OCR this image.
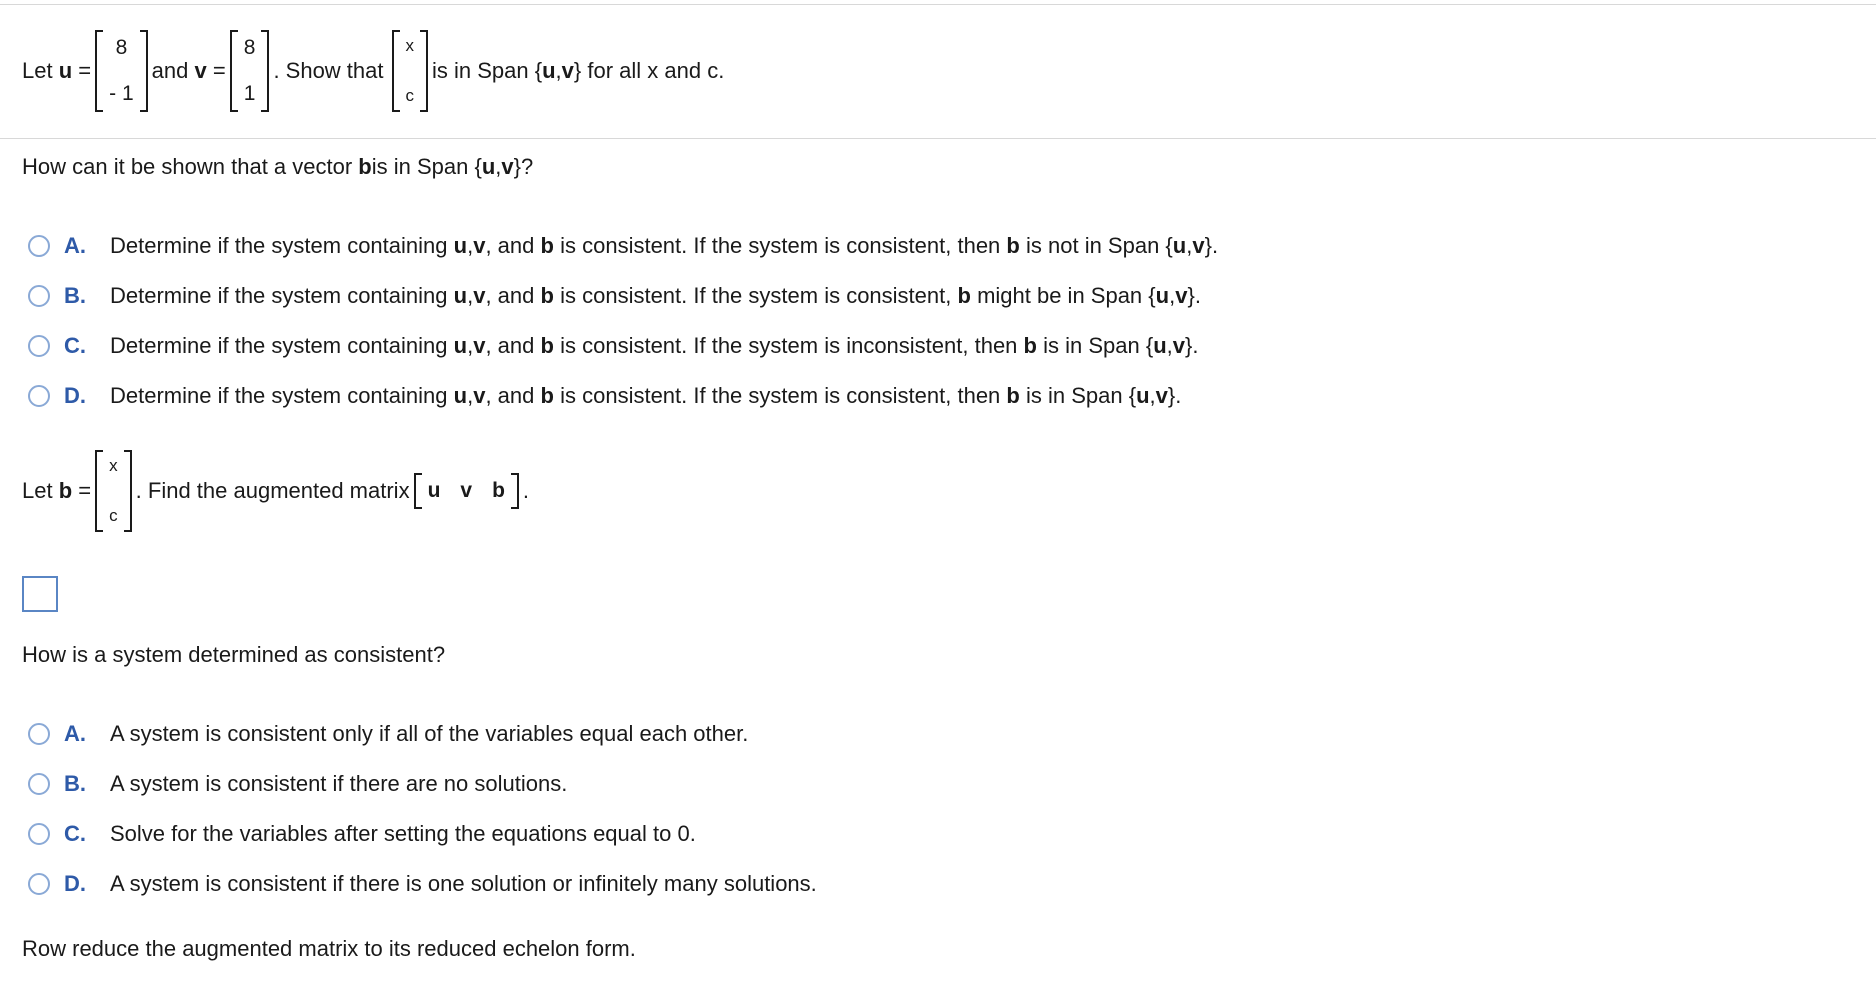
Let
u
=
8
- 1
and
v
=
8
1
. Show that
x
c
is in Span { u , v } for all x and c.
How can it be shown that a vector
b is in Span { u , v }?
A.	Determine if the system containing
u , v , and
b
is consistent. If the system is consistent, then
b
is not in Span { u , v }.
B.	Determine if the system containing
u , v , and
b
is consistent. If the system is consistent,
b
might be in Span { u , v }.
C.	Determine if the system containing
u , v , and
b
is consistent. If the system is inconsistent, then
b
is in Span { u , v }.
D.	Determine if the system containing
u , v , and
b
is consistent. If the system is consistent, then
b
is in Span { u , v }.
Let
b
=
x
c
. Find the augmented matrix u v b .
How is a system determined as consistent?
A.	A system is consistent only if all of the variables equal each other.
B.	A system is consistent if there are no solutions.
C.	Solve for the variables after setting the equations equal to 0.
D.	A system is consistent if there is one solution or infinitely many solutions.
Row reduce the augmented matrix to its reduced echelon form.
